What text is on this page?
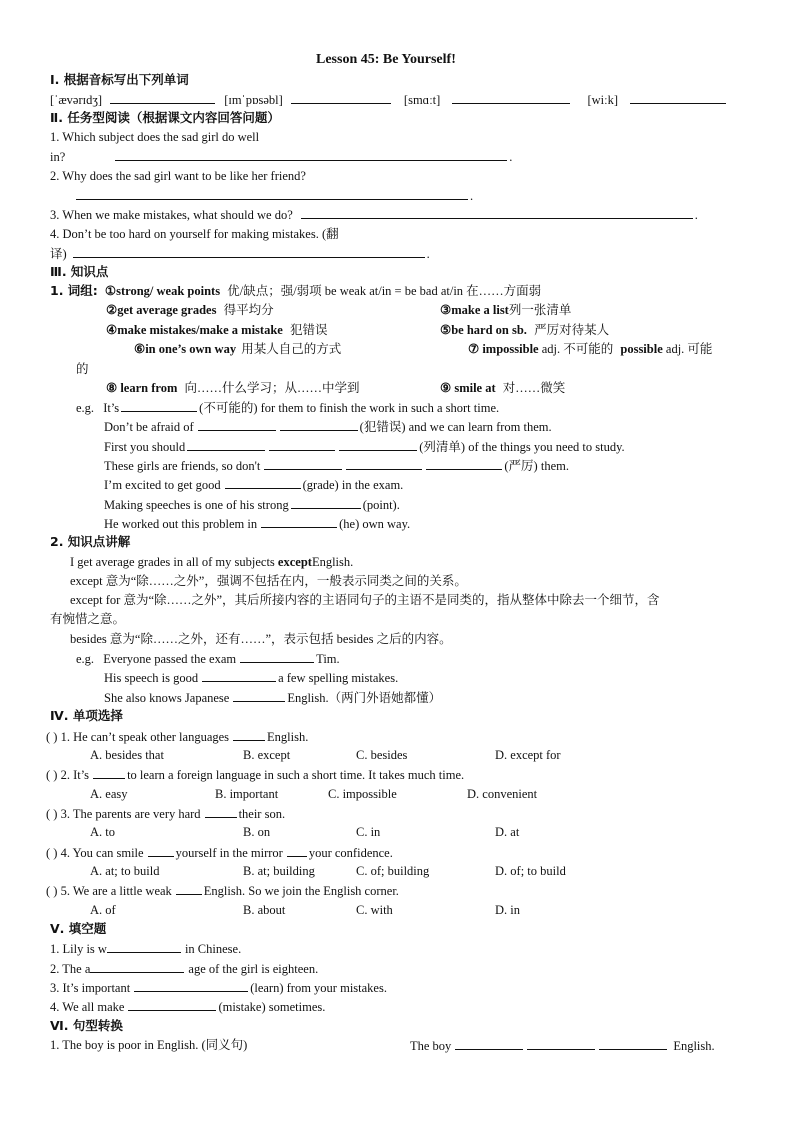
Lesson 45: Be Yourself!
Ⅰ. 根据音标写出下列单词
[ˈævərɪdʒ]	[ɪmˈpɒsəbl]	[smɑːt]	[wiːk]
Ⅱ. 任务型阅读（根据课文内容回答问题）
1. Which subject does the sad girl do well
in?	.
2. Why does the sad girl want to be like her friend?
.
3. When we make mistakes, what should we do?	.
4. Don’t be too hard on yourself for making mistakes. (翻
译)	.
Ⅲ. 知识点
1. 词组: ①strong/ weak points 优/缺点；强/弱项 be weak at/in = be bad at/in 在……方面弱
②get average grades 得平均分	③make a list列一张清单
④make mistakes/make a mistake 犯错误	⑤be hard on sb. 严厉对待某人
⑥in one’s own way 用某人自己的方式	⑦ impossible adj. 不可能的 possible adj. 可能
的
⑧ learn from 向……什么学习；从……中学到	⑨ smile at 对……微笑
e.g. It’s	(不可能的) for them to finish the work in such a short time.
Don’t be afraid of	(犯错误) and we can learn from them.
First you should	(列清单) of the things you need to study.
These girls are friends, so don't	(严厉) them.
I’m excited to get good	(grade) in the exam.
Making speeches is one of his strong	(point).
He worked out this problem in	(he) own way.
2. 知识点讲解
I get average grades in all of my subjects exceptEnglish.
except 意为“除……之外”，强调不包括在内，一般表示同类之间的关系。
except for 意为“除……之外”，其后所接内容的主语同句子的主语不是同类的，指从整体中除去一个细节，含
有惋惜之意。
besides 意为“除……之外，还有……”，表示包括 besides 之后的内容。
e.g. Everyone passed the exam	Tim.
His speech is good	a few spelling mistakes.
She also knows Japanese	English.（两门外语她都懂）
Ⅳ. 单项选择
( ) 1. He can’t speak other languages	English.
A. besides that	B. except	C. besides	D. except for
( ) 2. It’s	to learn a foreign language in such a short time. It takes much time.
A. easy	B. important	C. impossible	D. convenient
( ) 3. The parents are very hard	their son.
A. to	B. on	C. in	D. at
( ) 4. You can smile	yourself in the mirror your confidence.
A. at; to build	B. at; building	C. of; building	D. of; to build
( ) 5. We are a little weak	English. So we join the English corner.
A. of	B. about	C. with	D. in
Ⅴ. 填空题
1. Lily is w	in Chinese.
2. The a	age of the girl is eighteen.
3. It’s important	(learn) from your mistakes.
4. We all make	(mistake) sometimes.
Ⅵ. 句型转换
1. The boy is poor in English. (同义句)	The boy	English.
